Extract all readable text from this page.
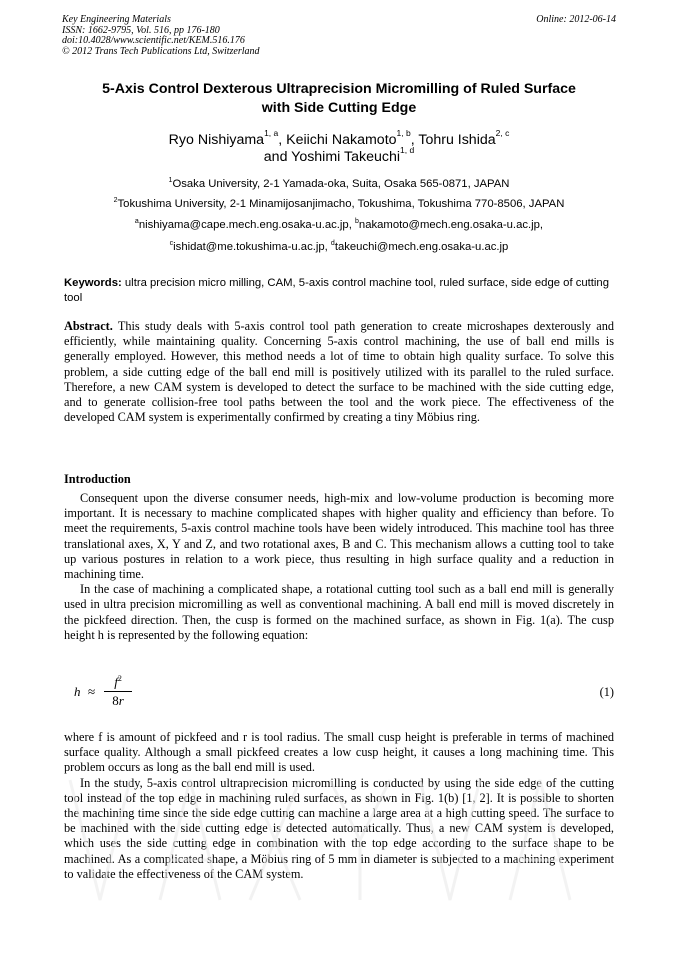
Key Engineering Materials
ISSN: 1662-9795, Vol. 516, pp 176-180
doi:10.4028/www.scientific.net/KEM.516.176
© 2012 Trans Tech Publications Ltd, Switzerland
Online: 2012-06-14
5-Axis Control Dexterous Ultraprecision Micromilling of Ruled Surface
with Side Cutting Edge
Ryo Nishiyama$^{1, a}$, Keiichi Nakamoto$^{1, b}$, Tohru Ishida$^{2, c}$
and Yoshimi Takeuchi$^{1, d}$
$^1$Osaka University, 2-1 Yamada-oka, Suita, Osaka 565-0871, JAPAN
$^2$Tokushima University, 2-1 Minamijosanjimacho, Tokushima, Tokushima 770-8506, JAPAN
$^a$nishiyama@cape.mech.eng.osaka-u.ac.jp, $^b$nakamoto@mech.eng.osaka-u.ac.jp,
$^c$ishidat@me.tokushima-u.ac.jp, $^d$takeuchi@mech.eng.osaka-u.ac.jp
Keywords: ultra precision micro milling, CAM, 5-axis control machine tool, ruled surface, side edge of cutting tool

Abstract. This study deals with 5-axis control tool path generation to create microshapes dexterously and efficiently, while maintaining quality. Concerning 5-axis control machining, the use of ball end mills is generally employed. However, this method needs a lot of time to obtain high quality surface. To solve this problem, a side cutting edge of the ball end mill is positively utilized with its parallel to the ruled surface. Therefore, a new CAM system is developed to detect the surface to be machined with the side cutting edge, and to generate collision-free tool paths between the tool and the work piece. The effectiveness of the developed CAM system is experimentally confirmed by creating a tiny Möbius ring.

Introduction

Consequent upon the diverse consumer needs, high-mix and low-volume production is becoming more important. It is necessary to machine complicated shapes with higher quality and efficiency than before. To meet the requirements, 5-axis control machine tools have been widely introduced. This machine tool has three translational axes, X, Y and Z, and two rotational axes, B and C. This mechanism allows a cutting tool to take up various postures in relation to a work piece, thus resulting in high surface quality and a reduction in machining time.

In the case of machining a complicated shape, a rotational cutting tool such as a ball end mill is generally used in ultra precision micromilling as well as conventional machining. A ball end mill is moved discretely in the pickfeed direction. Then, the cusp is formed on the machined surface, as shown in Fig. 1(a). The cusp height h is represented by the following equation:

h ≈
$f^2$
8r
(1)

where f is amount of pickfeed and r is tool radius. The small cusp height is preferable in terms of machined surface quality. Although a small pickfeed creates a low cusp height, it causes a long machining time. This problem occurs as long as the ball end mill is used.

In the study, 5-axis control ultraprecision micromilling is conducted by using the side edge of the cutting tool instead of the top edge in machining ruled surfaces, as shown in Fig. 1(b) [1, 2]. It is possible to shorten the machining time since the side edge cutting can machine a large area at a high cutting speed. The surface to be machined with the side cutting edge is detected automatically. Thus, a new CAM system is developed, which uses the side cutting edge in combination with the top edge according to the surface shape to be machined. As a complicated shape, a Möbius ring of 5 mm in diameter is subjected to a machining experiment to validate the effectiveness of the CAM system.
